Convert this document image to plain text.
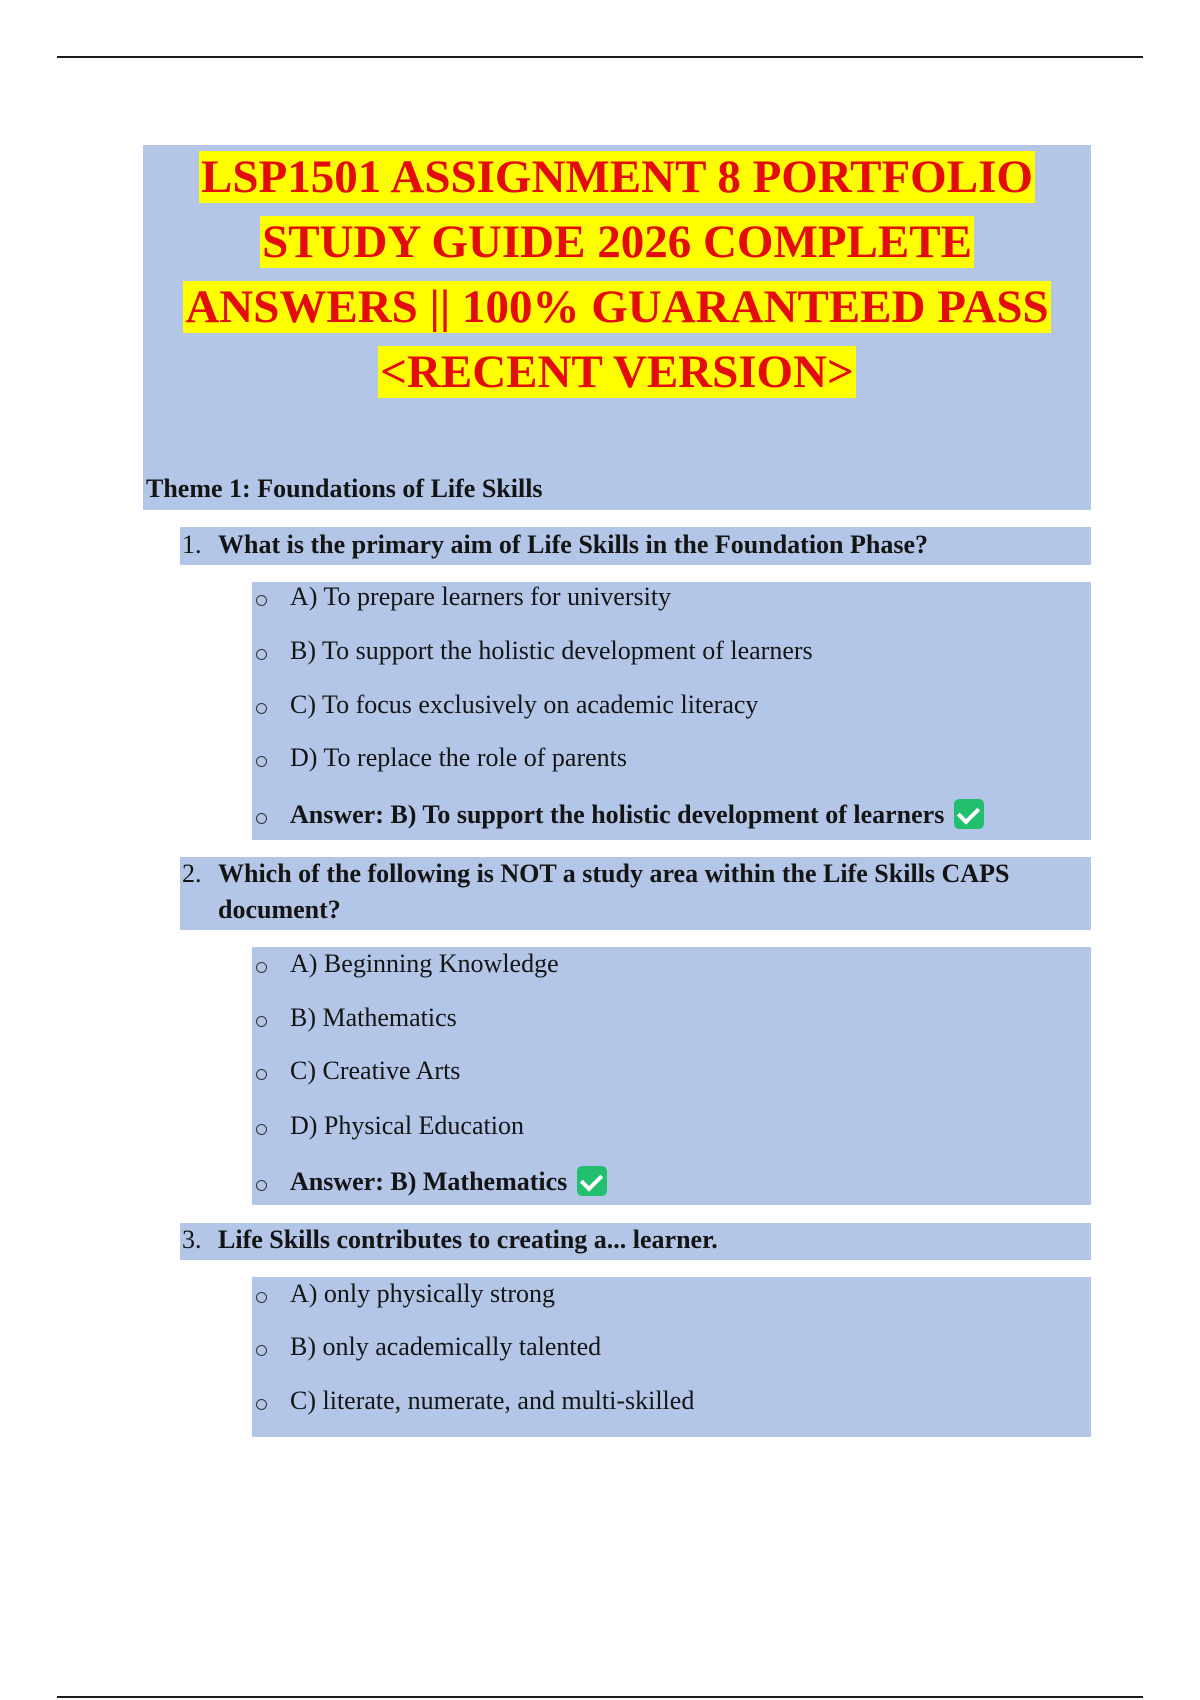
LSP1501 ASSIGNMENT 8 PORTFOLIO
STUDY GUIDE 2026 COMPLETE
ANSWERS || 100% GUARANTEED PASS
<RECENT VERSION>
Theme 1: Foundations of Life Skills
1. What is the primary aim of Life Skills in the Foundation Phase?

A) To prepare learners for university
B) To support the holistic development of learners
C) To focus exclusively on academic literacy
D) To replace the role of parents
Answer: B) To support the holistic development of learners
2. Which of the following is NOT a study area within the Life Skills CAPS document?

A) Beginning Knowledge
B) Mathematics
C) Creative Arts
D) Physical Education
Answer: B) Mathematics
3. Life Skills contributes to creating a... learner.

A) only physically strong
B) only academically talented
C) literate, numerate, and multi-skilled
